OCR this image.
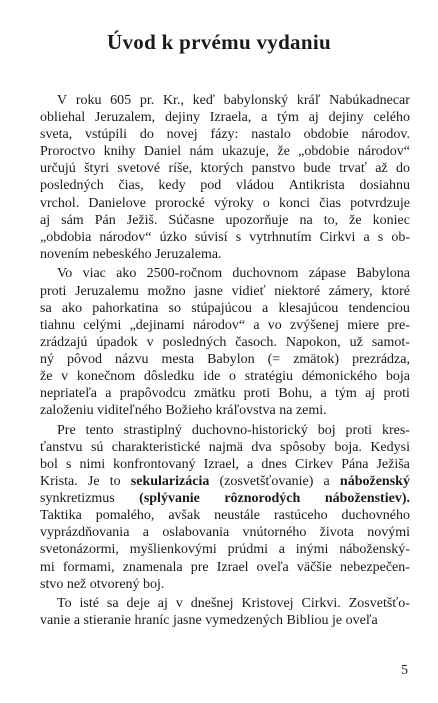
Úvod k prvému vydaniu
V roku 605 pr. Kr., keď babylonský kráľ Nabúkadnecar
obliehal Jeruzalem, dejiny Izraela, a tým aj dejiny celého
sveta, vstúpili do novej fázy: nastalo obdobie národov.
Proroctvo knihy Daniel nám ukazuje, že „obdobie národov“
určujú štyri svetové ríše, ktorých panstvo bude trvať až do
posledných čias, kedy pod vládou Antikrista dosiahnu
vrchol. Danielove prorocké výroky o konci čias potvrdzuje
aj sám Pán Ježiš. Súčasne upozorňuje na to, že koniec
„obdobia národov“ úzko súvisí s vytrhnutím Cirkvi a s ob-
novením nebeského Jeruzalema.
Vo viac ako 2500-ročnom duchovnom zápase Babylona
proti Jeruzalemu možno jasne vidieť niektoré zámery, ktoré
sa ako pahorkatina so stúpajúcou a klesajúcou tendenciou
tiahnu celými „dejinami národov“ a vo zvýšenej miere pre-
zrádzajú úpadok v posledných časoch. Napokon, už samot-
ný pôvod názvu mesta Babylon (= zmätok) prezrádza,
že v konečnom dôsledku ide o stratégiu démonického boja
nepriateľa a prapôvodcu zmätku proti Bohu, a tým aj proti
založeniu viditeľného Božieho kráľovstva na zemi.
Pre tento strastiplný duchovno-historický boj proti kres-
ťanstvu sú charakteristické najmä dva spôsoby boja. Kedysi
bol s nimi konfrontovaný Izrael, a dnes Cirkev Pána Ježiša
Krista. Je to sekularizácia (zosvetšťovanie) a náboženský
synkretizmus (splývanie rôznorodých náboženstiev).
Taktika pomalého, avšak neustále rastúceho duchovného
vyprázdňovania a oslabovania vnútorného života novými
svetonázormi, myšlienkovými prúdmi a inými náboženský-
mi formami, znamenala pre Izrael oveľa väčšie nebezpečen-
stvo než otvorený boj.
To isté sa deje aj v dnešnej Kristovej Cirkvi. Zosvetšťo-
vanie a stieranie hraníc jasne vymedzených Bibliou je oveľa
5
